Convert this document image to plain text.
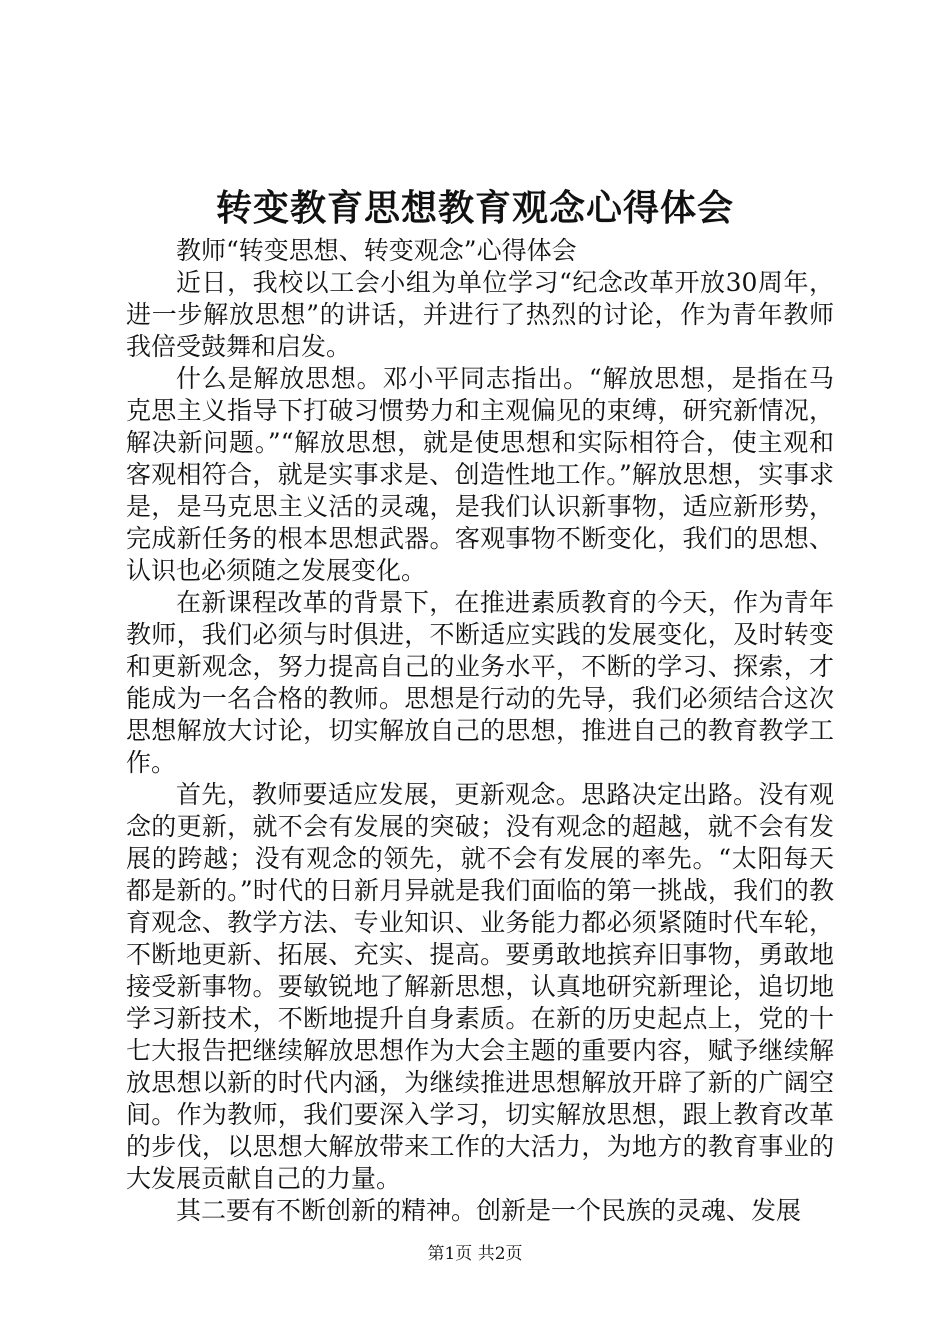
转变教育思想教育观念心得体会

教师“转变思想、转变观念”心得体会

近日，我校以工会小组为单位学习“纪念改革开放30周年，进一步解放思想”的讲话，并进行了热烈的讨论，作为青年教师我倍受鼓舞和启发。

什么是解放思想。邓小平同志指出。“解放思想，是指在马克思主义指导下打破习惯势力和主观偏见的束缚，研究新情况，解决新问题。”“解放思想，就是使思想和实际相符合，使主观和客观相符合，就是实事求是、创造性地工作。”解放思想，实事求是，是马克思主义活的灵魂，是我们认识新事物，适应新形势，完成新任务的根本思想武器。客观事物不断变化，我们的思想、认识也必须随之发展变化。

在新课程改革的背景下，在推进素质教育的今天，作为青年教师，我们必须与时俱进，不断适应实践的发展变化，及时转变和更新观念，努力提高自己的业务水平，不断的学习、探索，才能成为一名合格的教师。思想是行动的先导，我们必须结合这次思想解放大讨论，切实解放自己的思想，推进自己的教育教学工作。

首先，教师要适应发展，更新观念。思路决定出路。没有观念的更新，就不会有发展的突破；没有观念的超越，就不会有发展的跨越；没有观念的领先，就不会有发展的率先。“太阳每天都是新的。”时代的日新月异就是我们面临的第一挑战，我们的教育观念、教学方法、专业知识、业务能力都必须紧随时代车轮，不断地更新、拓展、充实、提高。要勇敢地摈弃旧事物，勇敢地接受新事物。要敏锐地了解新思想，认真地研究新理论，追切地学习新技术，不断地提升自身素质。在新的历史起点上，党的十七大报告把继续解放思想作为大会主题的重要内容，赋予继续解放思想以新的时代内涵，为继续推进思想解放开辟了新的广阔空间。作为教师，我们要深入学习，切实解放思想，跟上教育改革的步伐，以思想大解放带来工作的大活力，为地方的教育事业的大发展贡献自己的力量。

其二要有不断创新的精神。创新是一个民族的灵魂、发展

第1页 共2页
